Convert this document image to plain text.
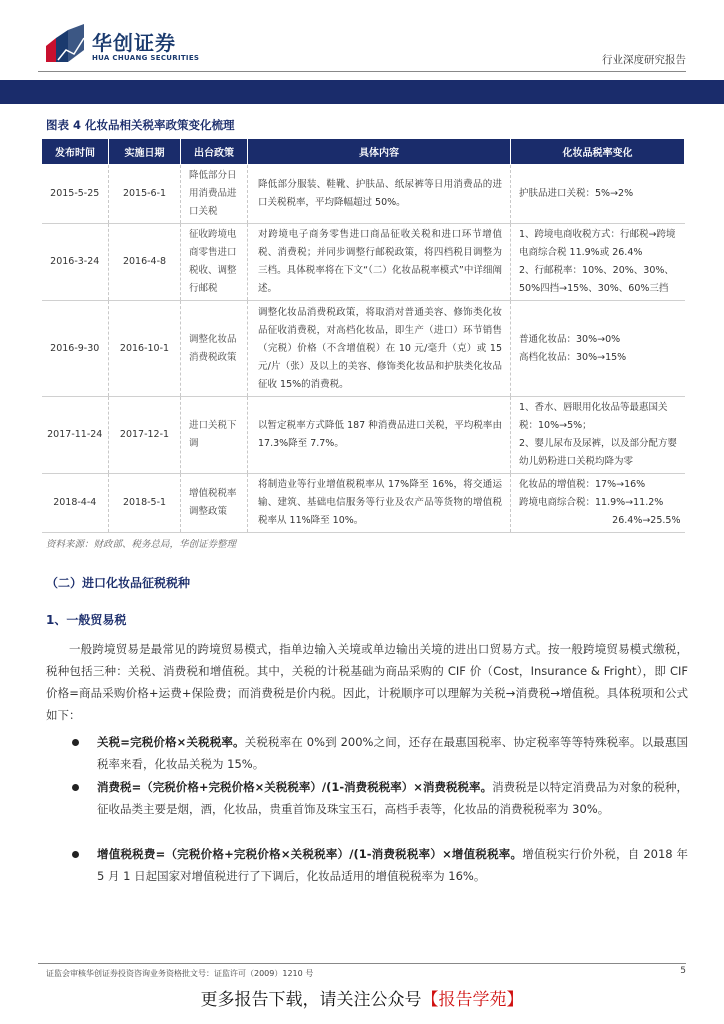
华创证券
HUA CHUANG SECURITIES	行业深度研究报告
图表 4 化妆品相关税率政策变化梳理
发布时间	实施日期	出台政策	具体内容	化妆品税率变化
2015-5-25	2015-6-1	降低部分日用消费品进口关税	降低部分服装、鞋靴、护肤品、纸尿裤等日用消费品的进口关税税率，平均降幅超过 50%。	护肤品进口关税：5%→2%

2016-3-24	2016-4-8	征收跨境电商零售进口税收、调整行邮税	对跨境电子商务零售进口商品征收关税和进口环节增值税、消费税；并同步调整行邮税政策，将四档税目调整为三档。具体税率将在下文“（二）化妆品税率模式”中详细阐述。	1、跨境电商收税方式：行邮税→跨境电商综合税 11.9%或 26.4%
2、行邮税率：10%、20%、30%、50%四挡→15%、30%、60%三挡

2016-9-30	2016-10-1	调整化妆品消费税政策	调整化妆品消费税政策，将取消对普通美容、修饰类化妆品征收消费税，对高档化妆品，即生产（进口）环节销售（完税）价格（不含增值税）在 10 元/毫升（克）或 15 元/片（张）及以上的美容、修饰类化妆品和护肤类化妆品征收 15%的消费税。	普通化妆品：30%→0%
高档化妆品：30%→15%

2017-11-24	2017-12-1	进口关税下调	以暂定税率方式降低 187 种消费品进口关税，平均税率由 17.3%降至 7.7%。	1、香水、唇眼用化妆品等最惠国关税：10%→5%；
2、婴儿尿布及尿裤，以及部分配方婴幼儿奶粉进口关税均降为零

2018-4-4	2018-5-1	增值税税率调整政策	将制造业等行业增值税税率从 17%降至 16%，将交通运输、建筑、基础电信服务等行业及农产品等货物的增值税税率从 11%降至 10%。	化妆品的增值税：17%→16%
跨境电商综合税：11.9%→11.2%
26.4%→25.5%
资料来源：财政部、税务总局，华创证券整理
（二）进口化妆品征税税种
1、一般贸易税
一般跨境贸易是最常见的跨境贸易模式，指单边输入关境或单边输出关境的进出口贸易方式。按一般跨境贸易模式缴税，税种包括三种：关税、消费税和增值税。其中，关税的计税基础为商品采购的 CIF 价（Cost，Insurance & Fright），即 CIF 价格=商品采购价格+运费+保险费；而消费税是价内税。因此，计税顺序可以理解为关税→消费税→增值税。具体税项和公式如下：
关税=完税价格×关税税率。关税税率在 0%到 200%之间，还存在最惠国税率、协定税率等等特殊税率。以最惠国税率来看，化妆品关税为 15%。
消费税=（完税价格+完税价格×关税税率）/(1-消费税税率）×消费税税率。消费税是以特定消费品为对象的税种，征收品类主要是烟，酒，化妆品，贵重首饰及珠宝玉石，高档手表等，化妆品的消费税税率为 30%。
增值税税费=（完税价格+完税价格×关税税率）/(1-消费税税率）×增值税税率。增值税实行价外税，自 2018 年 5 月 1 日起国家对增值税进行了下调后，化妆品适用的增值税税率为 16%。
证监会审核华创证券投资咨询业务资格批文号：证监许可（2009）1210 号	5
更多报告下载，请关注公众号【报告学苑】
